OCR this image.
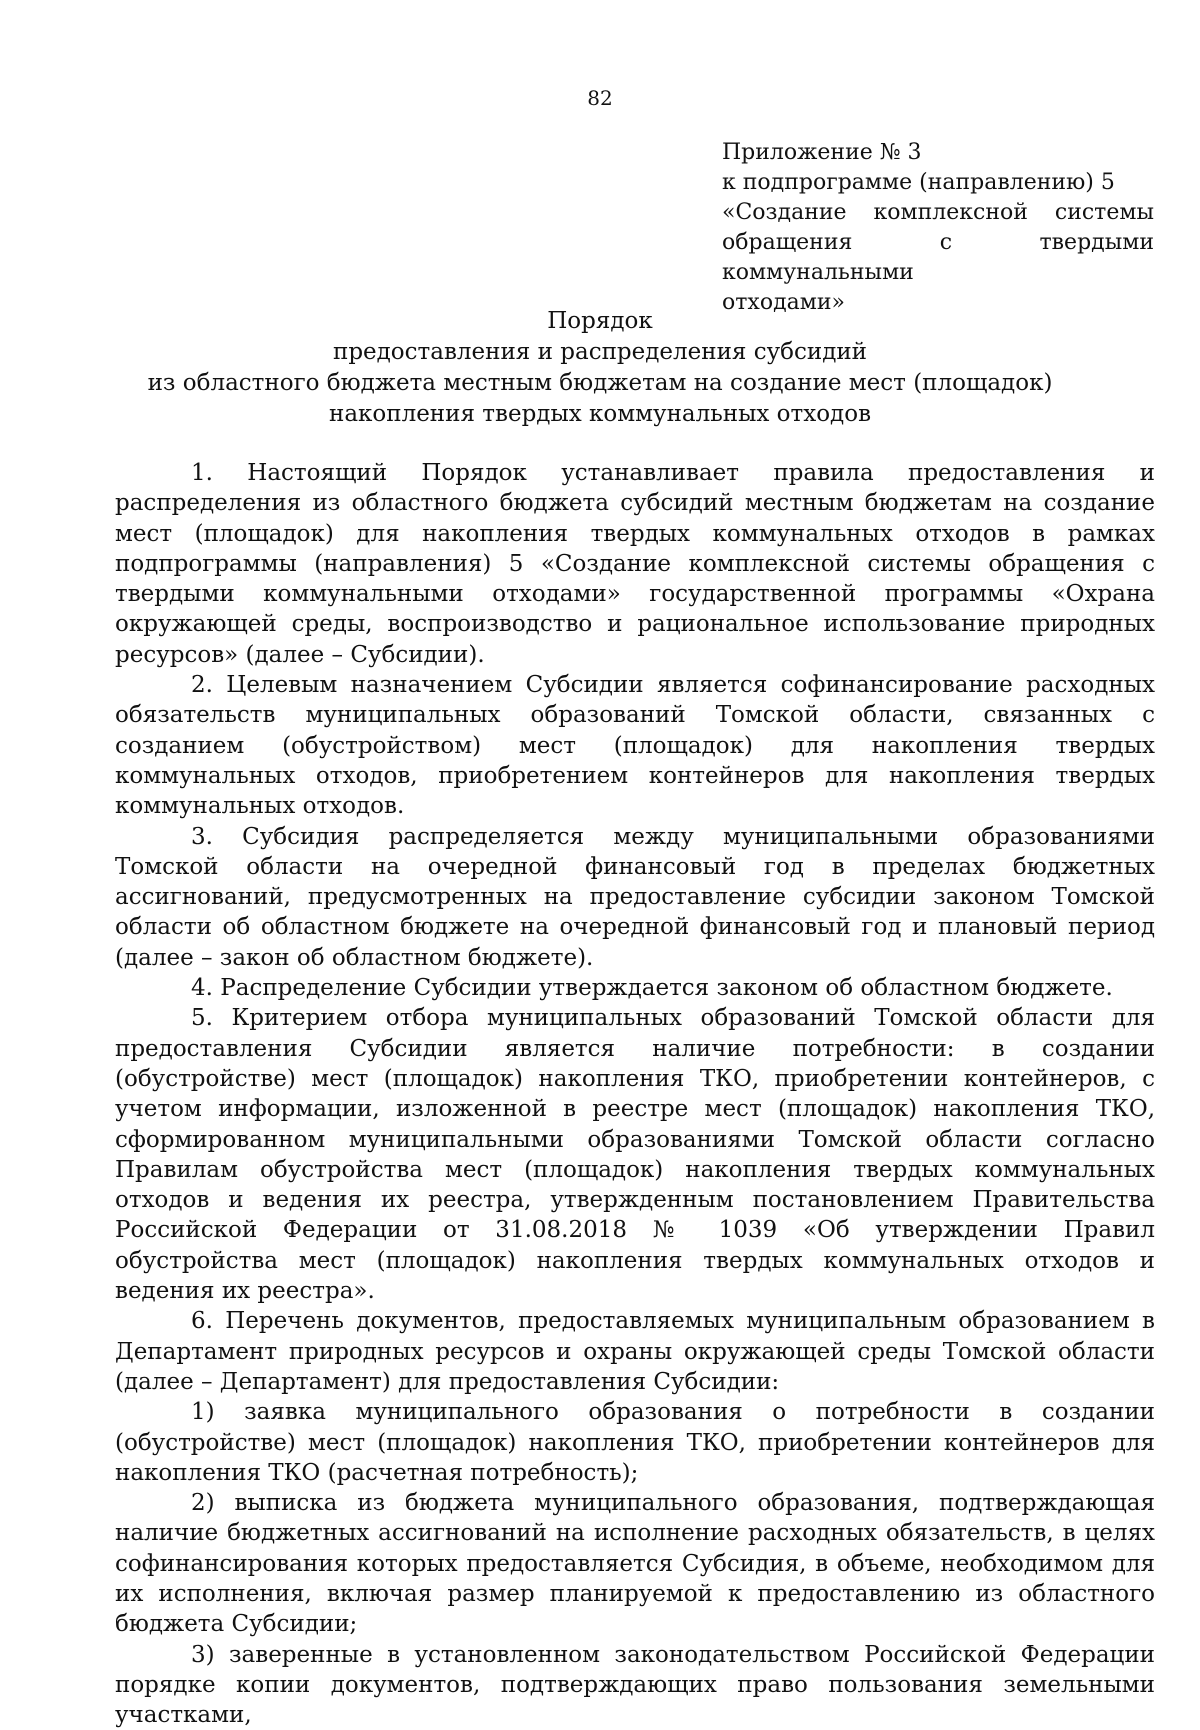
82
Приложение № 3
к подпрограмме (направлению) 5
«Создание комплексной системы
обращения с твердыми коммунальными
отходами»
Порядок
предоставления и распределения субсидий
из областного бюджета местным бюджетам на создание мест (площадок)
накопления твердых коммунальных отходов

1. Настоящий Порядок устанавливает правила предоставления и распределения из областного бюджета субсидий местным бюджетам на создание мест (площадок) для накопления твердых коммунальных отходов в рамках подпрограммы (направления) 5 «Создание комплексной системы обращения с твердыми коммунальными отходами» государственной программы «Охрана окружающей среды, воспроизводство и рациональное использование природных ресурсов» (далее – Субсидии).

2. Целевым назначением Субсидии является софинансирование расходных обязательств муниципальных образований Томской области, связанных с созданием (обустройством) мест (площадок) для накопления твердых коммунальных отходов, приобретением контейнеров для накопления твердых коммунальных отходов.

3. Субсидия распределяется между муниципальными образованиями Томской области на очередной финансовый год в пределах бюджетных ассигнований, предусмотренных на предоставление субсидии законом Томской области об областном бюджете на очередной финансовый год и плановый период (далее – закон об областном бюджете).

4. Распределение Субсидии утверждается законом об областном бюджете.

5. Критерием отбора муниципальных образований Томской области для предоставления Субсидии является наличие потребности: в создании (обустройстве) мест (площадок) накопления ТКО, приобретении контейнеров, с учетом информации, изложенной в реестре мест (площадок) накопления ТКО, сформированном муниципальными образованиями Томской области согласно Правилам обустройства мест (площадок) накопления твердых коммунальных отходов и ведения их реестра, утвержденным постановлением Правительства Российской Федерации от 31.08.2018 № 1039 «Об утверждении Правил обустройства мест (площадок) накопления твердых коммунальных отходов и ведения их реестра».

6. Перечень документов, предоставляемых муниципальным образованием в Департамент природных ресурсов и охраны окружающей среды Томской области (далее – Департамент) для предоставления Субсидии:

1) заявка муниципального образования о потребности в создании (обустройстве) мест (площадок) накопления ТКО, приобретении контейнеров для накопления ТКО (расчетная потребность);

2) выписка из бюджета муниципального образования, подтверждающая наличие бюджетных ассигнований на исполнение расходных обязательств, в целях софинансирования которых предоставляется Субсидия, в объеме, необходимом для их исполнения, включая размер планируемой к предоставлению из областного бюджета Субсидии;

3) заверенные в установленном законодательством Российской Федерации порядке копии документов, подтверждающих право пользования земельными участками,
